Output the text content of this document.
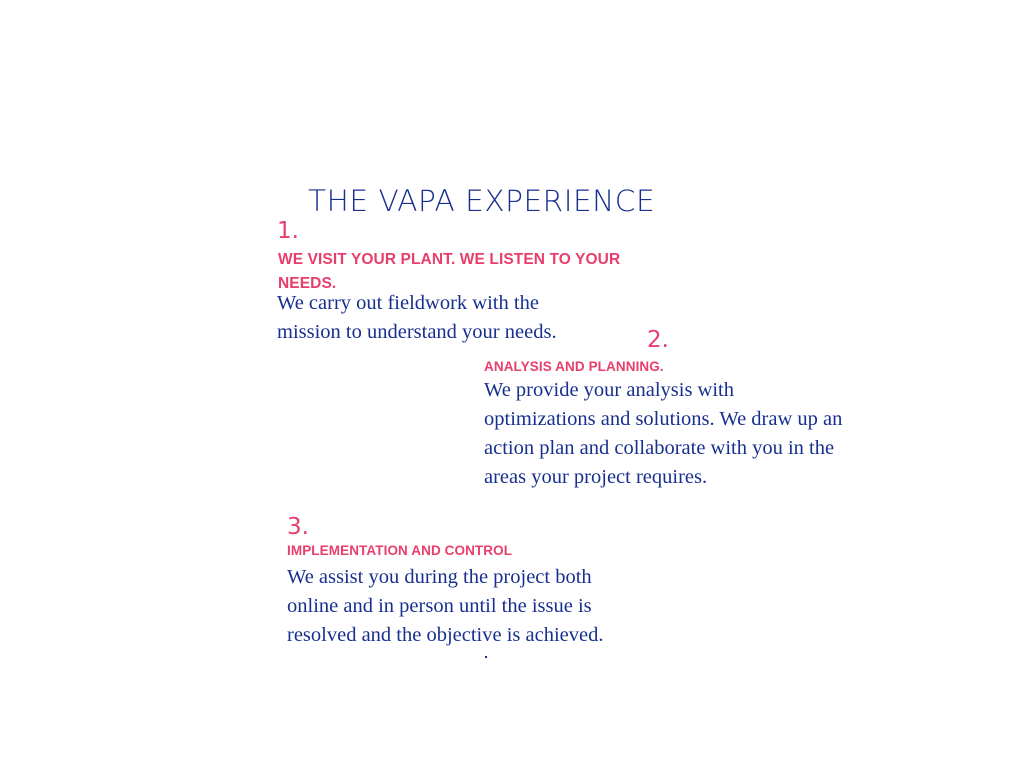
THE VAPA EXPERIENCE
1.
WE VISIT YOUR PLANT. WE LISTEN TO YOUR NEEDS.
We carry out fieldwork with the mission to understand your needs.	2.
ANALYSIS AND PLANNING.
We provide your analysis with optimizations and solutions. We draw up an action plan and collaborate with you in the areas your project requires.
3.
IMPLEMENTATION AND CONTROL
We assist you during the project both online and in person until the issue is resolved and the objective is achieved.
